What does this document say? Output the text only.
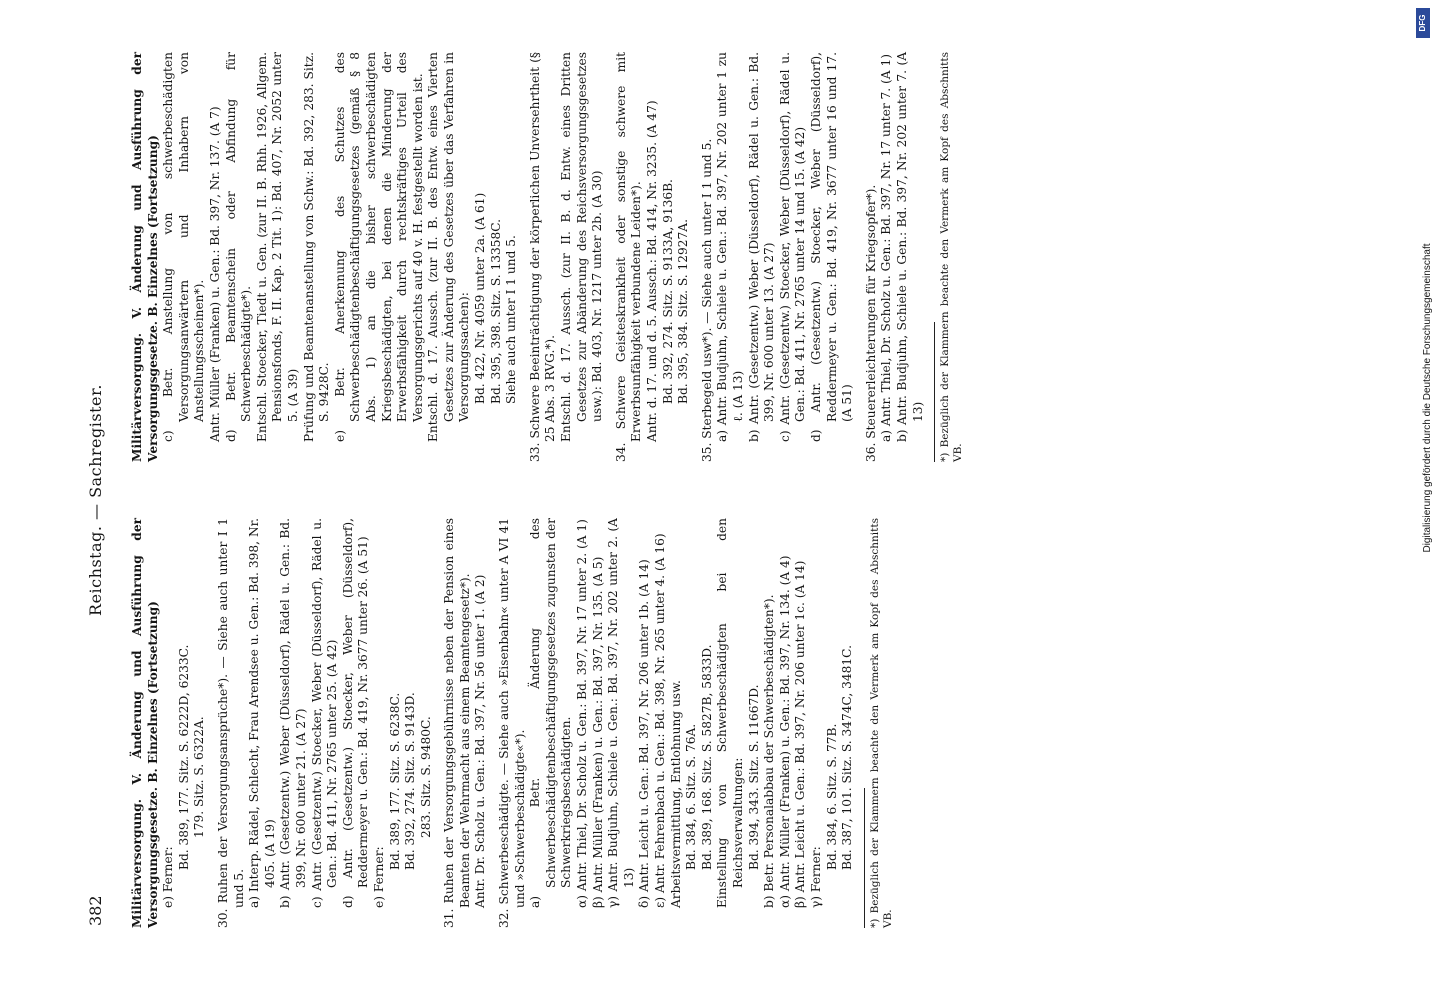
382
Reichstag. — Sachregister.

Militärversorgung. V. Änderung und Ausführung der Versorgungsgesetze. B. Einzelnes (Fortsetzung) e) Ferner:

Bd. 389, 177. Sitz. S. 6222D, 6233C. 179. Sitz. S. 6322A. 30. Ruhen der Versorgungsansprüche*). — Siehe auch unter I 1 und 5. a) Interp. Rädel, Schlecht, Frau Arendsee u. Gen.: Bd. 398, Nr. 405. (A 19) b) Antr. (Gesetzentw.) Weber (Düsseldorf), Rädel u. Gen.: Bd. 399, Nr. 600 unter 21. (A 27) c) Antr. (Gesetzentw.) Stoecker, Weber (Düsseldorf), Rädel u. Gen.: Bd. 411, Nr. 2765 unter 25. (A 42) d) Antr. (Gesetzentw.) Stoecker, Weber (Düsseldorf), Reddermeyer u. Gen.: Bd. 419, Nr. 3677 unter 26. (A 51) e) Ferner:

Bd. 389, 177. Sitz. S. 6238C. Bd. 392, 274. Sitz. S. 9143D. 283. Sitz. S. 9480C. 31. Ruhen der Versorgungsgebührnisse neben der Pension eines Beamten der Wehrmacht aus einem Beamtengesetz*). Antr. Dr. Scholz u. Gen.: Bd. 397, Nr. 56 unter 1. (A 2) 32. Schwerbeschädigte. — Siehe auch »Eisenbahn« unter A VI 41 und »Schwerbeschädigte«*). a) Betr. Änderung des Schwerbeschädigtenbeschäftigungsgesetzes zugunsten der Schwerkriegsbeschädigten. α) Antr. Thiel, Dr. Scholz u. Gen.: Bd. 397, Nr. 17 unter 2. (A 1) β) Antr. Müller (Franken) u. Gen.: Bd. 397, Nr. 135. (A 5) γ) Antr. Budjuhn, Schiele u. Gen.: Bd. 397, Nr. 202 unter 2. (A 13) δ) Antr. Leicht u. Gen.: Bd. 397, Nr. 206 unter 1b. (A 14) ε) Antr. Fehrenbach u. Gen.: Bd. 398, Nr. 265 unter 4. (A 16) Arbeitsvermittlung, Entlohnung usw. Bd. 384, 6. Sitz. S. 76A. Bd. 389, 168. Sitz. S. 5827B, 5833D. Einstellung von Schwerbeschädigten bei den Reichsverwaltungen: Bd. 394, 343. Sitz. S. 11667D. b) Betr. Personalabbau der Schwerbeschädigten*). α) Antr. Müller (Franken) u. Gen.: Bd. 397, Nr. 134. (A 4) β) Antr. Leicht u. Gen.: Bd. 397, Nr. 206 unter 1c. (A 14) γ) Ferner:

Bd. 384, 6. Sitz. S. 77B. Bd. 387, 101. Sitz. S. 3474C, 3481C. *) Bezüglich der Klammern beachte den Vermerk am Kopf des Abschnitts VB.

Militärversorgung. V. Änderung und Ausführung der Versorgungsgesetze. B. Einzelnes (Fortsetzung) c) Betr. Anstellung von schwerbeschädigten Versorgungsanwärtern und Inhabern von Anstellungsscheinen*). Antr. Müller (Franken) u. Gen.: Bd. 397, Nr. 137. (A 7) d) Betr. Beamtenschein oder Abfindung für Schwerbeschädigte*). Entschl. Stoecker, Tiedt u. Gen. (zur II. B. Rhh. 1926, Allgem. Pensionsfonds, F. II. Kap. 2 Tit. 1): Bd. 407, Nr. 2052 unter 5. (A 39) Prüfung und Beamtenanstellung von Schw.: Bd. 392, 283. Sitz. S. 9428C. e) Betr. Anerkennung des Schutzes des Schwerbeschädigtenbeschäftigungsgesetzes (gemäß § 8 Abs. 1) an die bisher schwerbeschädigten Kriegsbeschädigten, bei denen die Minderung der Erwerbsfähigkeit durch rechtskräftiges Urteil des Versorgungsgerichts auf 40 v. H. festgestellt worden ist. Entschl. d. 17. Aussch. (zur II. B. des Entw. eines Vierten Gesetzes zur Änderung des Gesetzes über das Verfahren in Versorgungssachen): Bd. 422, Nr. 4059 unter 2a. (A 61) Bd. 395, 398. Sitz. S. 13358C. Siehe auch unter I 1 und 5. 33. Schwere Beeinträchtigung der körperlichen Unversehrtheit (§ 25 Abs. 3 RVG.*). Entschl. d. 17. Aussch. (zur II. B. d. Entw. eines Dritten Gesetzes zur Abänderung des Reichsversorgungsgesetzes usw.): Bd. 403, Nr. 1217 unter 2b. (A 30) 34. Schwere Geisteskrankheit oder sonstige schwere mit Erwerbsunfähigkeit verbundene Leiden*). Antr. d. 17. und d. 5. Aussch.: Bd. 414, Nr. 3235. (A 47) Bd. 392, 274. Sitz. S. 9133A, 9136B. Bd. 395, 384. Sitz. S. 12927A. 35. Sterbegeld usw*). — Siehe auch unter I 1 und 5. a) Antr. Budjuhn, Schiele u. Gen.: Bd. 397, Nr. 202 unter 1 zu ℓ. (A 13) b) Antr. (Gesetzentw.) Weber (Düsseldorf), Rädel u. Gen.: Bd. 399, Nr. 600 unter 13. (A 27) c) Antr. (Gesetzentw.) Stoecker, Weber (Düsseldorf), Rädel u. Gen.: Bd. 411, Nr. 2765 unter 14 und 15. (A 42) d) Antr. (Gesetzentw.) Stoecker, Weber (Düsseldorf), Reddermeyer u. Gen.: Bd. 419, Nr. 3677 unter 16 und 17. (A 51) 36. Steuererleichterungen für Kriegsopfer*). a) Antr. Thiel, Dr. Scholz u. Gen.: Bd. 397, Nr. 17 unter 7. (A 1) b) Antr. Budjuhn, Schiele u. Gen.: Bd. 397, Nr. 202 unter 7. (A 13) *) Bezüglich der Klammern beachte den Vermerk am Kopf des Abschnitts VB.	Digitalisierung gefördert durch die Deutsche Forschungsgemeinschaft
DFG
